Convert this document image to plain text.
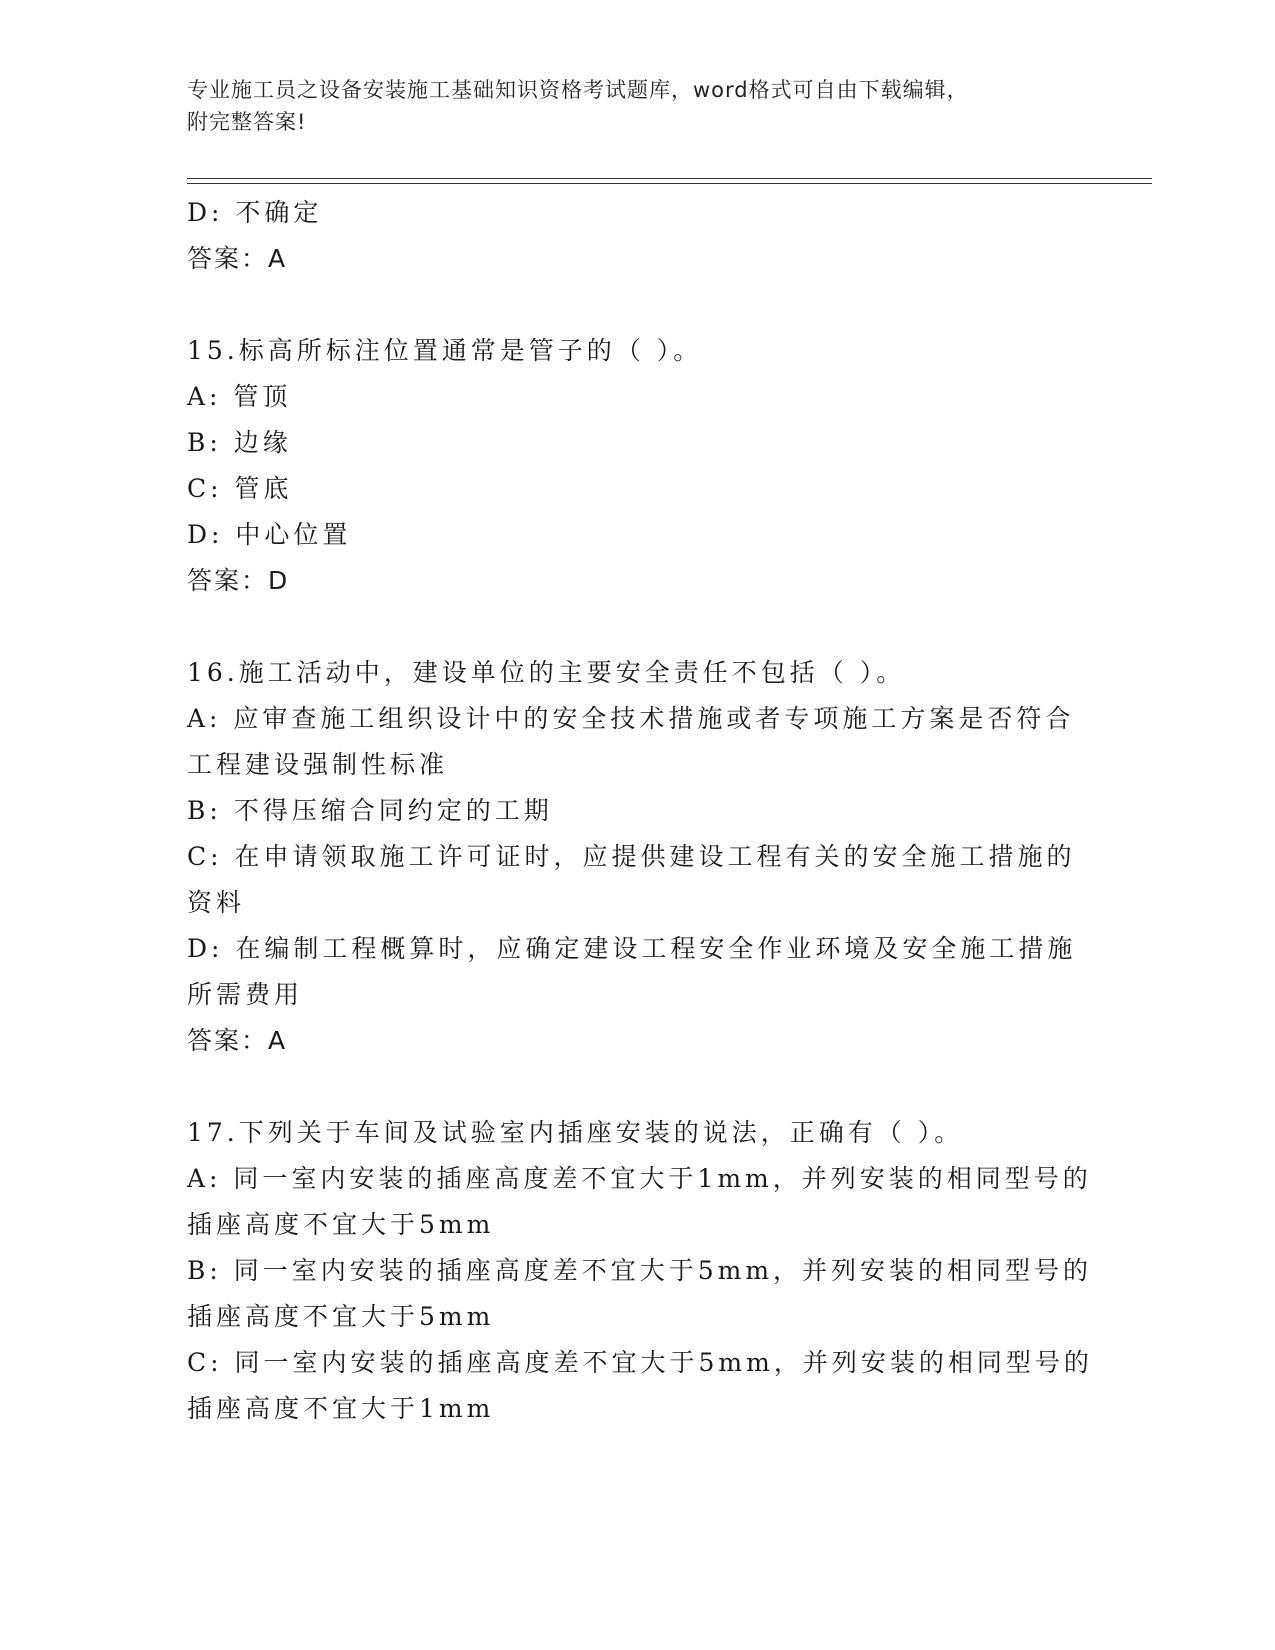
专业施工员之设备安装施工基础知识资格考试题库，word格式可自由下载编辑，
附完整答案!
D: 不确定
答案：A
15.标高所标注位置通常是管子的（ ）。
A: 管顶
B: 边缘
C: 管底
D: 中心位置
答案：D
16.施工活动中，建设单位的主要安全责任不包括（ ）。
A: 应审查施工组织设计中的安全技术措施或者专项施工方案是否符合
工程建设强制性标准
B: 不得压缩合同约定的工期
C: 在申请领取施工许可证时，应提供建设工程有关的安全施工措施的
资料
D: 在编制工程概算时，应确定建设工程安全作业环境及安全施工措施
所需费用
答案：A
17.下列关于车间及试验室内插座安装的说法，正确有（ ）。
A: 同一室内安装的插座高度差不宜大于1mm，并列安装的相同型号的
插座高度不宜大于5mm
B: 同一室内安装的插座高度差不宜大于5mm，并列安装的相同型号的
插座高度不宜大于5mm
C: 同一室内安装的插座高度差不宜大于5mm，并列安装的相同型号的
插座高度不宜大于1mm
